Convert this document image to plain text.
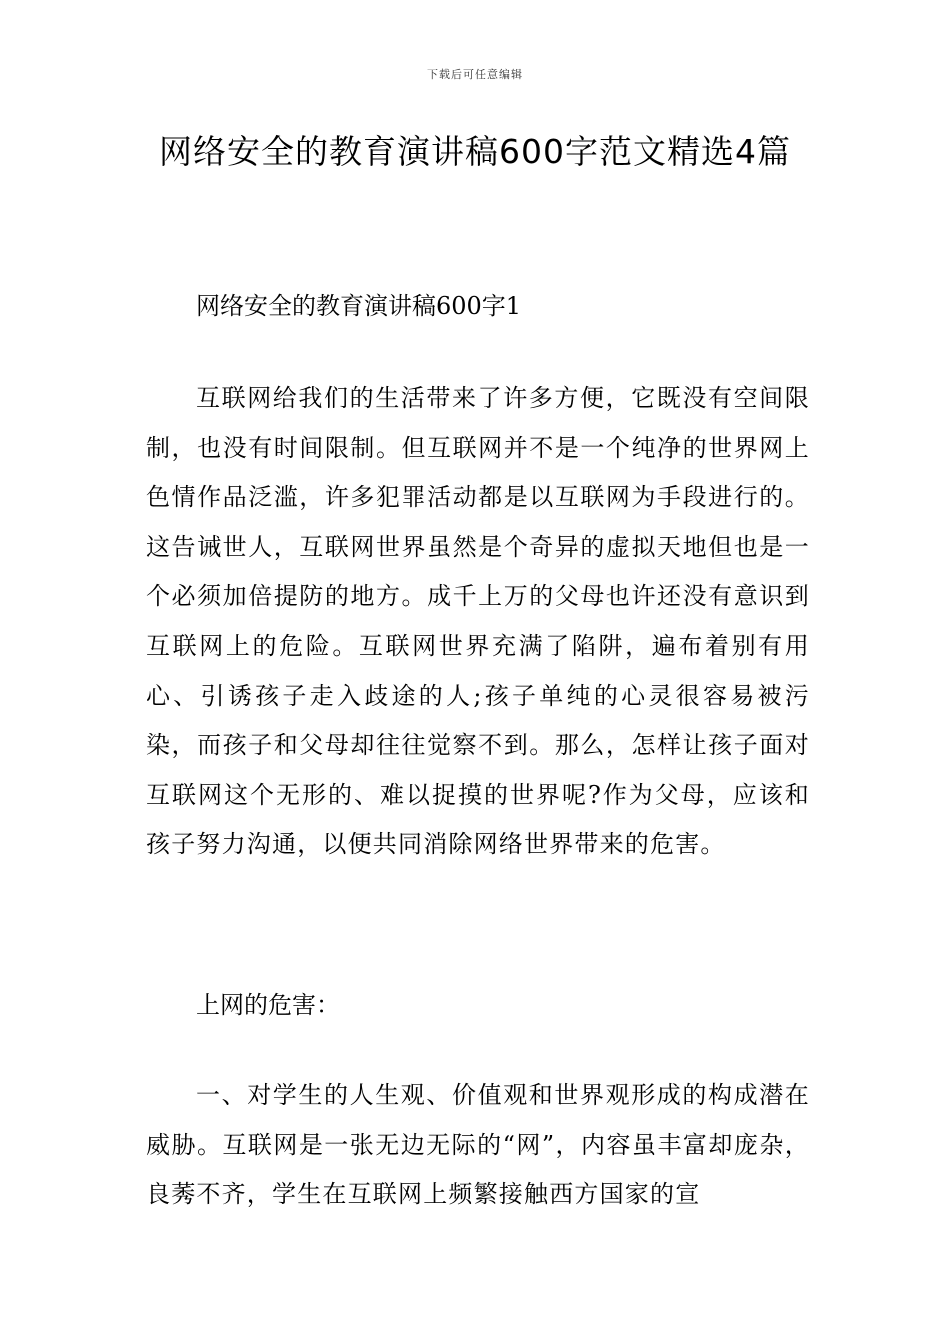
下载后可任意编辑
网络安全的教育演讲稿600字范文精选4篇
网络安全的教育演讲稿600字1
互联网给我们的生活带来了许多方便，它既没有空间限制，也没有时间限制。但互联网并不是一个纯净的世界网上色情作品泛滥，许多犯罪活动都是以互联网为手段进行的。这告诫世人，互联网世界虽然是个奇异的虚拟天地但也是一个必须加倍提防的地方。成千上万的父母也许还没有意识到互联网上的危险。互联网世界充满了陷阱，遍布着别有用心、引诱孩子走入歧途的人;孩子单纯的心灵很容易被污染，而孩子和父母却往往觉察不到。那么，怎样让孩子面对互联网这个无形的、难以捉摸的世界呢?作为父母，应该和孩子努力沟通，以便共同消除网络世界带来的危害。
上网的危害：
一、对学生的人生观、价值观和世界观形成的构成潜在威胁。互联网是一张无边无际的“网”，内容虽丰富却庞杂，良莠不齐，学生在互联网上频繁接触西方国家的宣
